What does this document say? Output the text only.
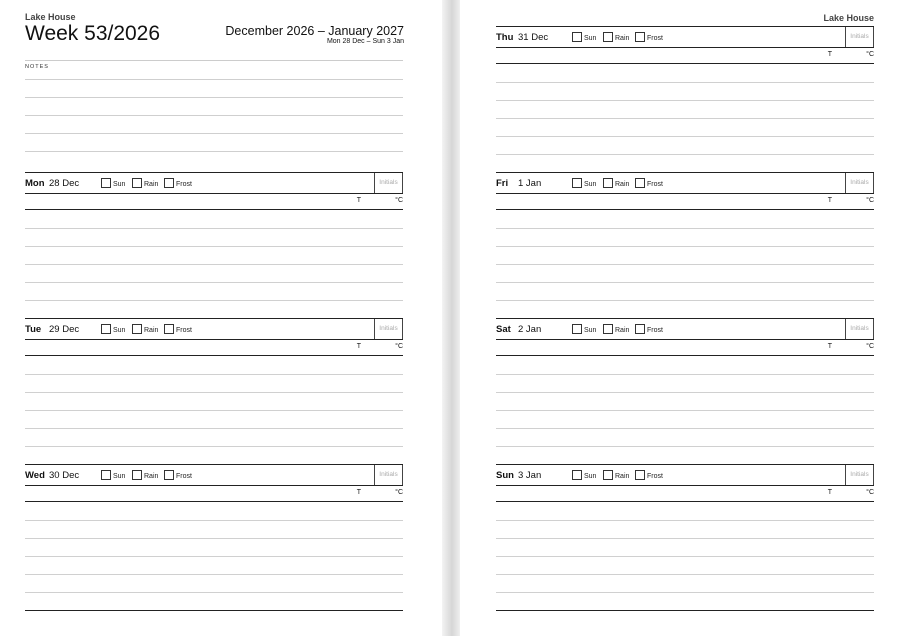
Lake House
Week 53/2026	December 2026 – January 2027
Mon 28 Dec – Sun 3 Jan
NOTES
Mon 28 Dec	Sun	Rain	Frost	Initials
T	°C
Tue 29 Dec	Sun	Rain	Frost	Initials
T	°C
Wed 30 Dec	Sun	Rain	Frost	Initials
T	°C
Lake House
Thu 31 Dec	Sun	Rain	Frost	Initials
T	°C
Fri 1 Jan	Sun	Rain	Frost	Initials
T	°C
Sat 2 Jan	Sun	Rain	Frost	Initials
T	°C
Sun 3 Jan	Sun	Rain	Frost	Initials
T	°C
